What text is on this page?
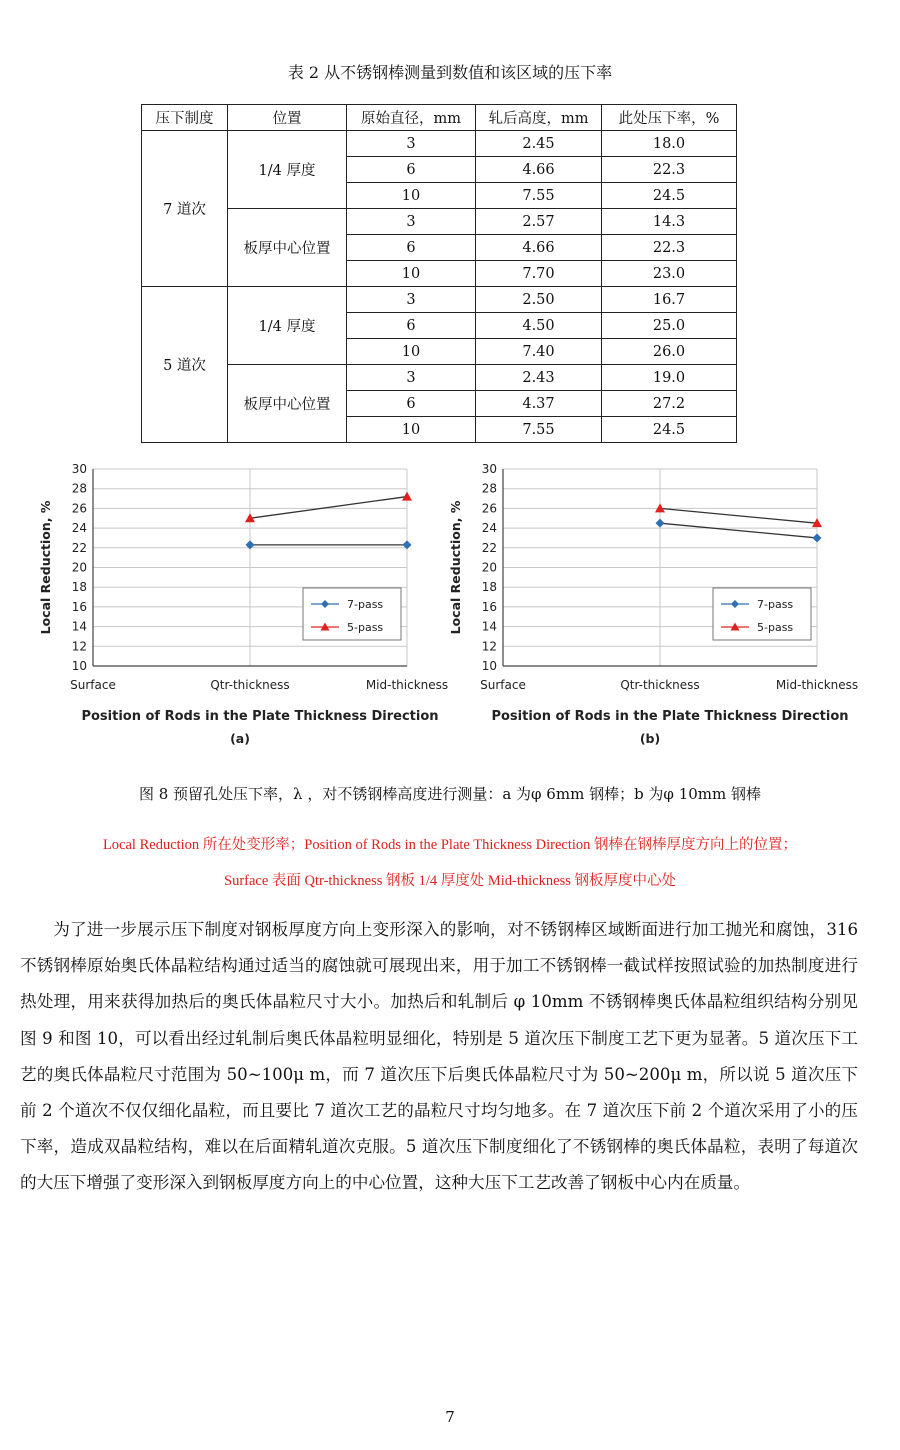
表 2 从不锈钢棒测量到数值和该区域的压下率
压下制度	位置	原始直径，mm	轧后高度，mm	此处压下率，%
7 道次	1/4 厚度	3	2.45	18.0
		6	4.66	22.3
		10	7.55	24.5
	板厚中心位置	3	2.57	14.3
		6	4.66	22.3
		10	7.70	23.0
5 道次	1/4 厚度	3	2.50	16.7
		6	4.50	25.0
		10	7.40	26.0
	板厚中心位置	3	2.43	19.0
		6	4.37	27.2
		10	7.55	24.5
10
12
14
16
18
20
22
24
26
28
30
Surface	Qtr-thickness	Mid-thickness
Local Reduction, %
Position of Rods in the Plate Thickness Direction
(a)
7-pass
5-pass
10
12
14
16
18
20
22
24
26
28
30
Surface	Qtr-thickness	Mid-thickness
Local Reduction, %
Position of Rods in the Plate Thickness Direction
(b)
7-pass
5-pass
图 8 预留孔处压下率，λ ，对不锈钢棒高度进行测量：a 为φ 6mm 钢棒；b 为φ 10mm 钢棒
Local Reduction 所在处变形率；Position of Rods in the Plate Thickness Direction 钢棒在钢棒厚度方向上的位置；
Surface 表面 Qtr-thickness 钢板 1/4 厚度处 Mid-thickness 钢板厚度中心处
为了进一步展示压下制度对钢板厚度方向上变形深入的影响，对不锈钢棒区域断面进行加工抛光和腐蚀，316 不锈钢棒原始奥氏体晶粒结构通过适当的腐蚀就可展现出来，用于加工不锈钢棒一截试样按照试验的加热制度进行热处理，用来获得加热后的奥氏体晶粒尺寸大小。加热后和轧制后 φ 10mm 不锈钢棒奥氏体晶粒组织结构分别见图 9 和图 10，可以看出经过轧制后奥氏体晶粒明显细化，特别是 5 道次压下制度工艺下更为显著。5 道次压下工艺的奥氏体晶粒尺寸范围为 50~100μ m，而 7 道次压下后奥氏体晶粒尺寸为 50~200μ m，所以说 5 道次压下前 2 个道次不仅仅细化晶粒，而且要比 7 道次工艺的晶粒尺寸均匀地多。在 7 道次压下前 2 个道次采用了小的压下率，造成双晶粒结构，难以在后面精轧道次克服。5 道次压下制度细化了不锈钢棒的奥氏体晶粒，表明了每道次的大压下增强了变形深入到钢板厚度方向上的中心位置，这种大压下工艺改善了钢板中心内在质量。
7
